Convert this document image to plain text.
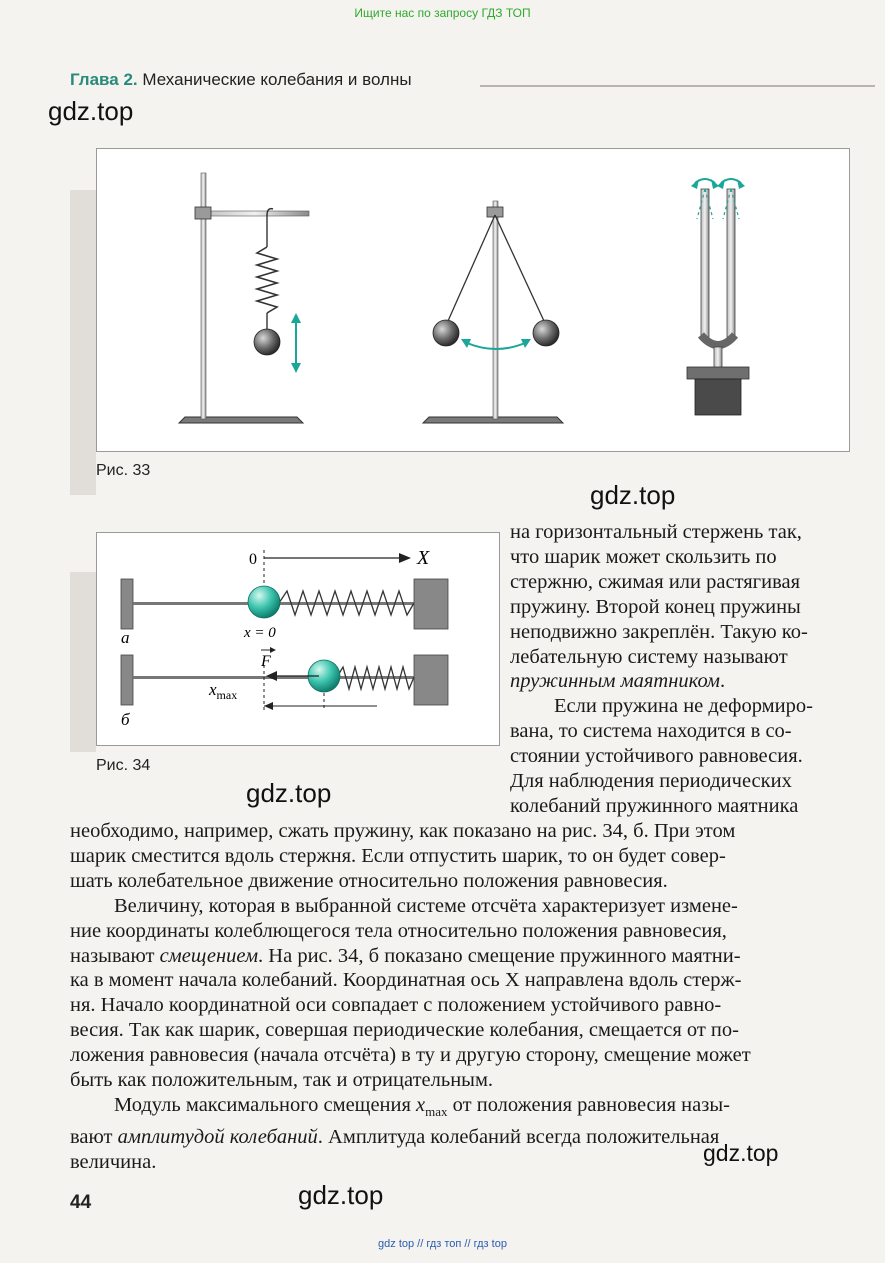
Ищите нас по запросу ГДЗ ТОП
Глава 2. Механические колебания и волны
gdz.top
gdz.top
gdz.top
gdz.top
gdz.top
Рис. 33
0	X
а	x = 0
F
б
$x_{max}$
Рис. 34
на горизонтальный стержень так,
что шарик может скользить по
стержню, сжимая или растягивая
пружину. Второй конец пружины
неподвижно закреплён. Такую ко-
лебательную систему называют
пружинным маятником.
Если пружина не деформиро-
вана, то система находится в со-
стоянии устойчивого равновесия.
Для наблюдения периодических
колебаний пружинного маятника
необходимо, например, сжать пружину, как показано на рис. 34, б. При этом
шарик сместится вдоль стержня. Если отпустить шарик, то он будет совер-
шать колебательное движение относительно положения равновесия.
Величину, которая в выбранной системе отсчёта характеризует измене-
ние координаты колеблющегося тела относительно положения равновесия,
называют смещением. На рис. 34, б показано смещение пружинного маятни-
ка в момент начала колебаний. Координатная ось X направлена вдоль стерж-
ня. Начало координатной оси совпадает с положением устойчивого равно-
весия. Так как шарик, совершая периодические колебания, смещается от по-
ложения равновесия (начала отсчёта) в ту и другую сторону, смещение может
быть как положительным, так и отрицательным.
Модуль максимального смещения $x_{max}$ от положения равновесия назы-
вают амплитудой колебаний. Амплитуда колебаний всегда положительная
величина.
44
gdz top // гдз топ // гдз top
